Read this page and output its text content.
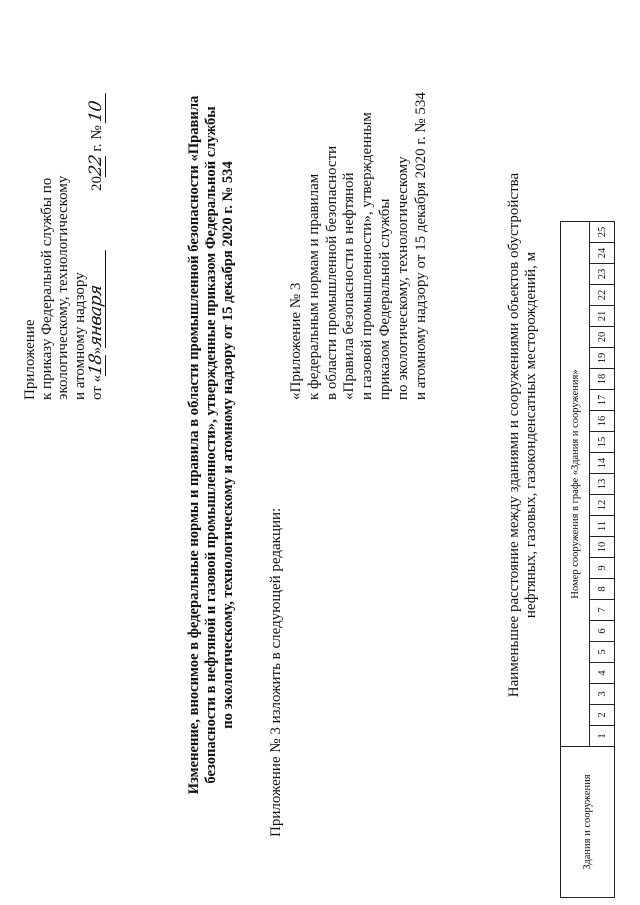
Приложение к приказу Федеральной службы по экологическому, технологическому и атомному надзору от «18»января 2022 г. № 10	Изменение, вносимое в федеральные нормы и правила в области промышленной безопасности «Правила безопасности в нефтяной и газовой промышленности», утвержденные приказом Федеральной службы по экологическому, технологическому и атомному надзору от 15 декабря 2020 г. № 534 Приложение № 3 изложить в следующей редакции:
«Приложение № 3 к федеральным нормам и правилам в области промышленной безопасности «Правила безопасности в нефтяной и газовой промышленности», утвержденным приказом Федеральной службы по экологическому, технологическому и атомному надзору от 15 декабря 2020 г. № 534	Наименьшее расстояние между зданиями и сооружениями объектов обустройства нефтяных, газовых, газоконденсатных месторождений, м
Здания и сооружения	Номер сооружения в графе «Здания и сооружения»																								
	1	2	3	4	5	6	7	8	9	10	11	12	13	14	15	16	17	18	19	20	21	22	23	24	25
